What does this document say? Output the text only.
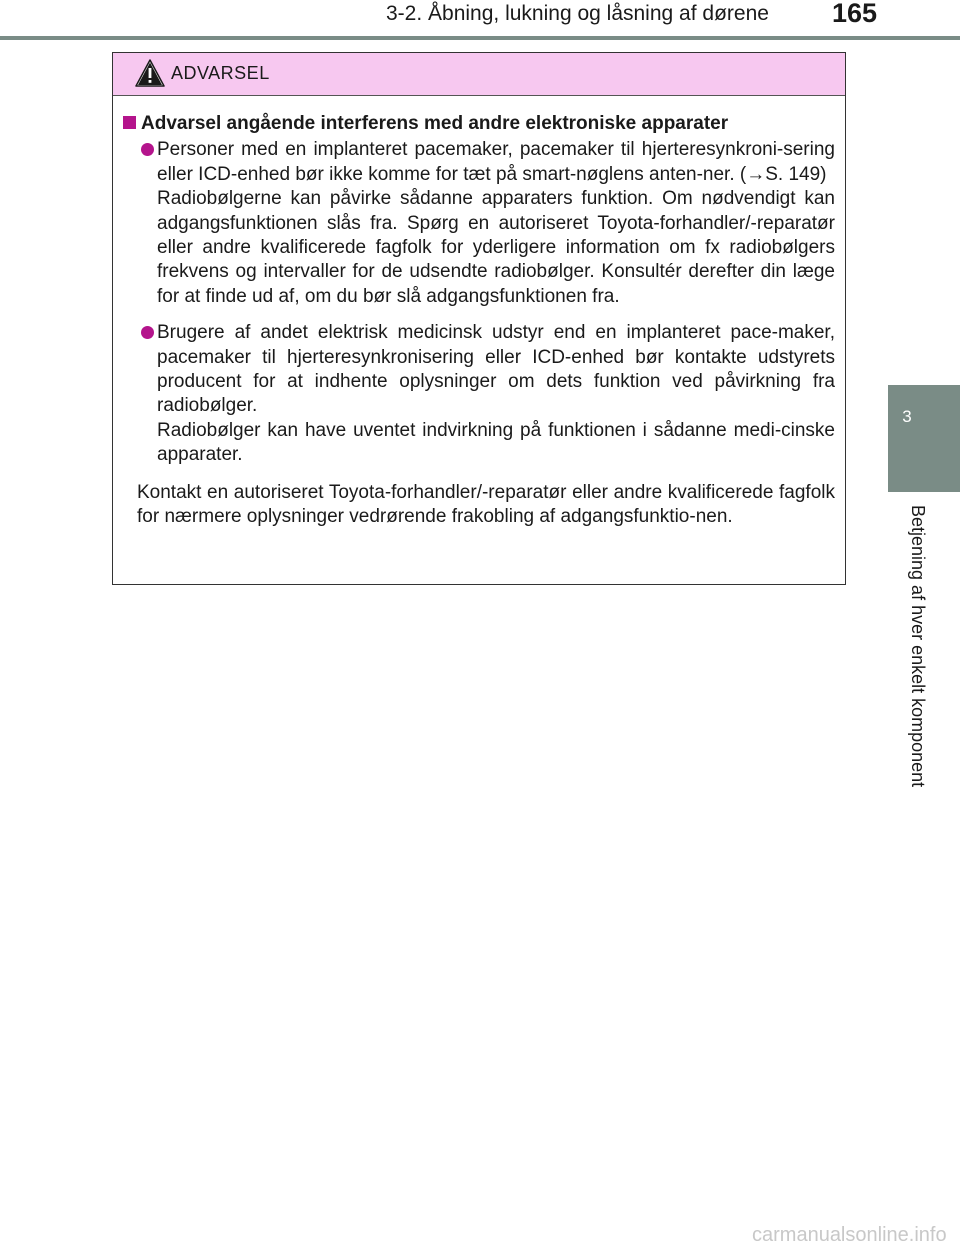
3-2. Åbning, lukning og låsning af dørene 165
3
Betjening af hver enkelt komponent
ADVARSEL
Advarsel angående interferens med andre elektroniske apparater
Personer med en implanteret pacemaker, pacemaker til hjerteresynkroni-sering eller ICD-enhed bør ikke komme for tæt på smart-nøglens anten-ner. (→S. 149)
Radiobølgerne kan påvirke sådanne apparaters funktion. Om nødvendigt kan adgangsfunktionen slås fra. Spørg en autoriseret Toyota-forhandler/-reparatør eller andre kvalificerede fagfolk for yderligere information om fx radiobølgers frekvens og intervaller for de udsendte radiobølger. Konsultér derefter din læge for at finde ud af, om du bør slå adgangsfunktionen fra.
Brugere af andet elektrisk medicinsk udstyr end en implanteret pace-maker, pacemaker til hjerteresynkronisering eller ICD-enhed bør kontakte udstyrets producent for at indhente oplysninger om dets funktion ved påvirkning fra radiobølger.
Radiobølger kan have uventet indvirkning på funktionen i sådanne medi-cinske apparater.
Kontakt en autoriseret Toyota-forhandler/-reparatør eller andre kvalificerede fagfolk for nærmere oplysninger vedrørende frakobling af adgangsfunktio-nen.
carmanualsonline.info
